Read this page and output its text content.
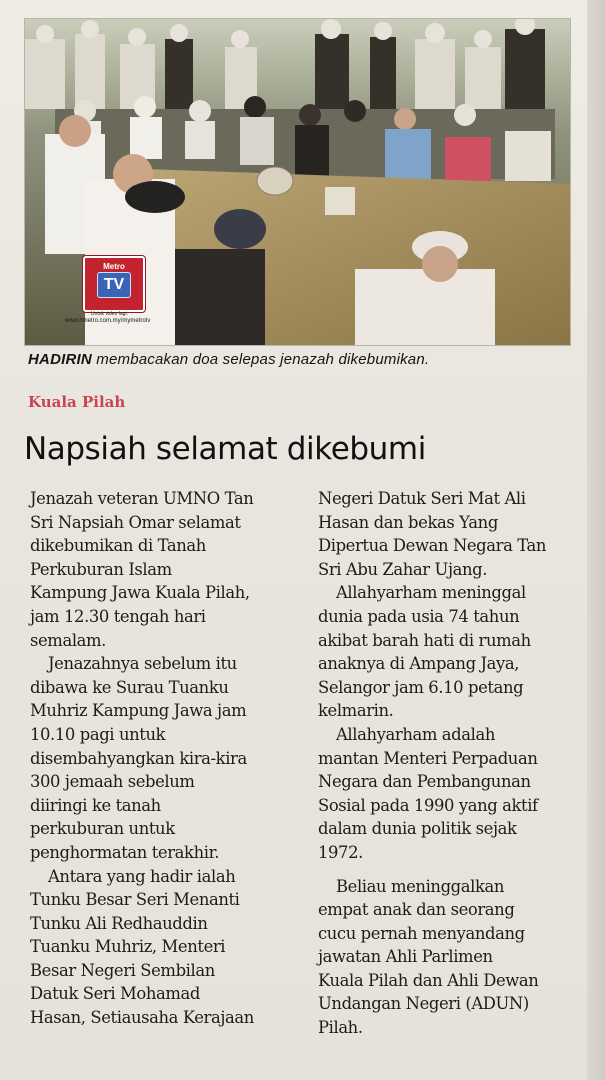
Metro
TV
Untuk video lagi:
www.hmetro.com.my/mymetrotv
HADIRIN membacakan doa selepas jenazah dikebumikan.
Kuala Pilah
Napsiah selamat dikebumi
Jenazah veteran UMNO Tan
Sri Napsiah Omar selamat
dikebumikan di Tanah
Perkuburan Islam
Kampung Jawa Kuala Pilah,
jam 12.30 tengah hari
semalam.
Jenazahnya sebelum itu
dibawa ke Surau Tuanku
Muhriz Kampung Jawa jam
10.10 pagi untuk
disembahyangkan kira-kira
300 jemaah sebelum
diiringi ke tanah
perkuburan untuk
penghormatan terakhir.
Antara yang hadir ialah
Tunku Besar Seri Menanti
Tunku Ali Redhauddin
Tuanku Muhriz, Menteri
Besar Negeri Sembilan
Datuk Seri Mohamad
Hasan, Setiausaha Kerajaan
Negeri Datuk Seri Mat Ali
Hasan dan bekas Yang
Dipertua Dewan Negara Tan
Sri Abu Zahar Ujang.
Allahyarham meninggal
dunia pada usia 74 tahun
akibat barah hati di rumah
anaknya di Ampang Jaya,
Selangor jam 6.10 petang
kelmarin.
Allahyarham adalah
mantan Menteri Perpaduan
Negara dan Pembangunan
Sosial pada 1990 yang aktif
dalam dunia politik sejak
1972.
Beliau meninggalkan
empat anak dan seorang
cucu pernah menyandang
jawatan Ahli Parlimen
Kuala Pilah dan Ahli Dewan
Undangan Negeri (ADUN)
Pilah.
